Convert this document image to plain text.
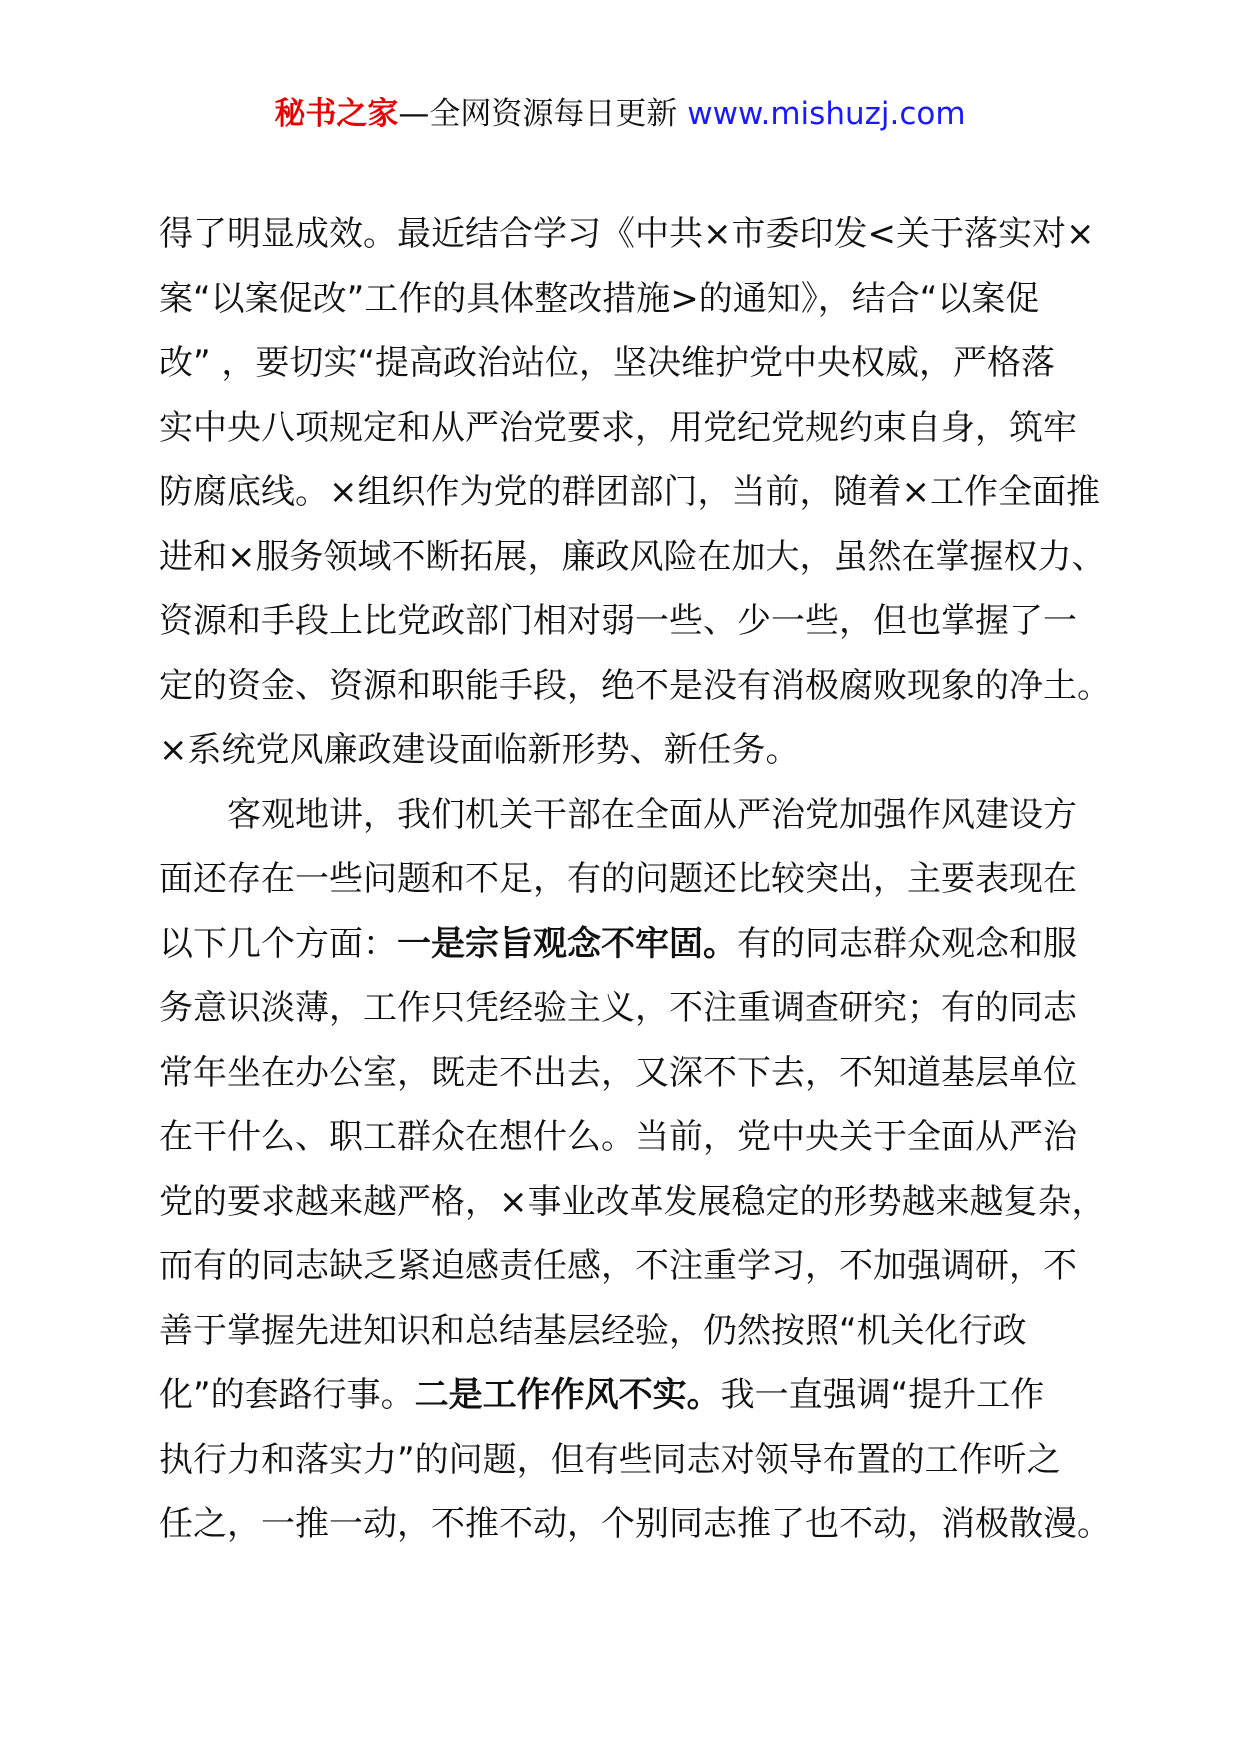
秘书之家—全网资源每日更新 www.mishuzj.com
得了明显成效。最近结合学习《中共×市委印发<关于落实对×
案“以案促改”工作的具体整改措施>的通知》，结合“以案促
改” ，要切实“提高政治站位，坚决维护党中央权威，严格落
实中央八项规定和从严治党要求，用党纪党规约束自身，筑牢
防腐底线。×组织作为党的群团部门，当前，随着×工作全面推
进和×服务领域不断拓展，廉政风险在加大，虽然在掌握权力、
资源和手段上比党政部门相对弱一些、少一些，但也掌握了一
定的资金、资源和职能手段，绝不是没有消极腐败现象的净土。
×系统党风廉政建设面临新形势、新任务。
客观地讲，我们机关干部在全面从严治党加强作风建设方
面还存在一些问题和不足，有的问题还比较突出，主要表现在
以下几个方面：一是宗旨观念不牢固。有的同志群众观念和服
务意识淡薄，工作只凭经验主义，不注重调查研究；有的同志
常年坐在办公室，既走不出去，又深不下去，不知道基层单位
在干什么、职工群众在想什么。当前，党中央关于全面从严治
党的要求越来越严格，×事业改革发展稳定的形势越来越复杂，
而有的同志缺乏紧迫感责任感，不注重学习，不加强调研，不
善于掌握先进知识和总结基层经验，仍然按照“机关化行政
化”的套路行事。二是工作作风不实。我一直强调“提升工作
执行力和落实力”的问题，但有些同志对领导布置的工作听之
任之，一推一动，不推不动，个别同志推了也不动，消极散漫。
